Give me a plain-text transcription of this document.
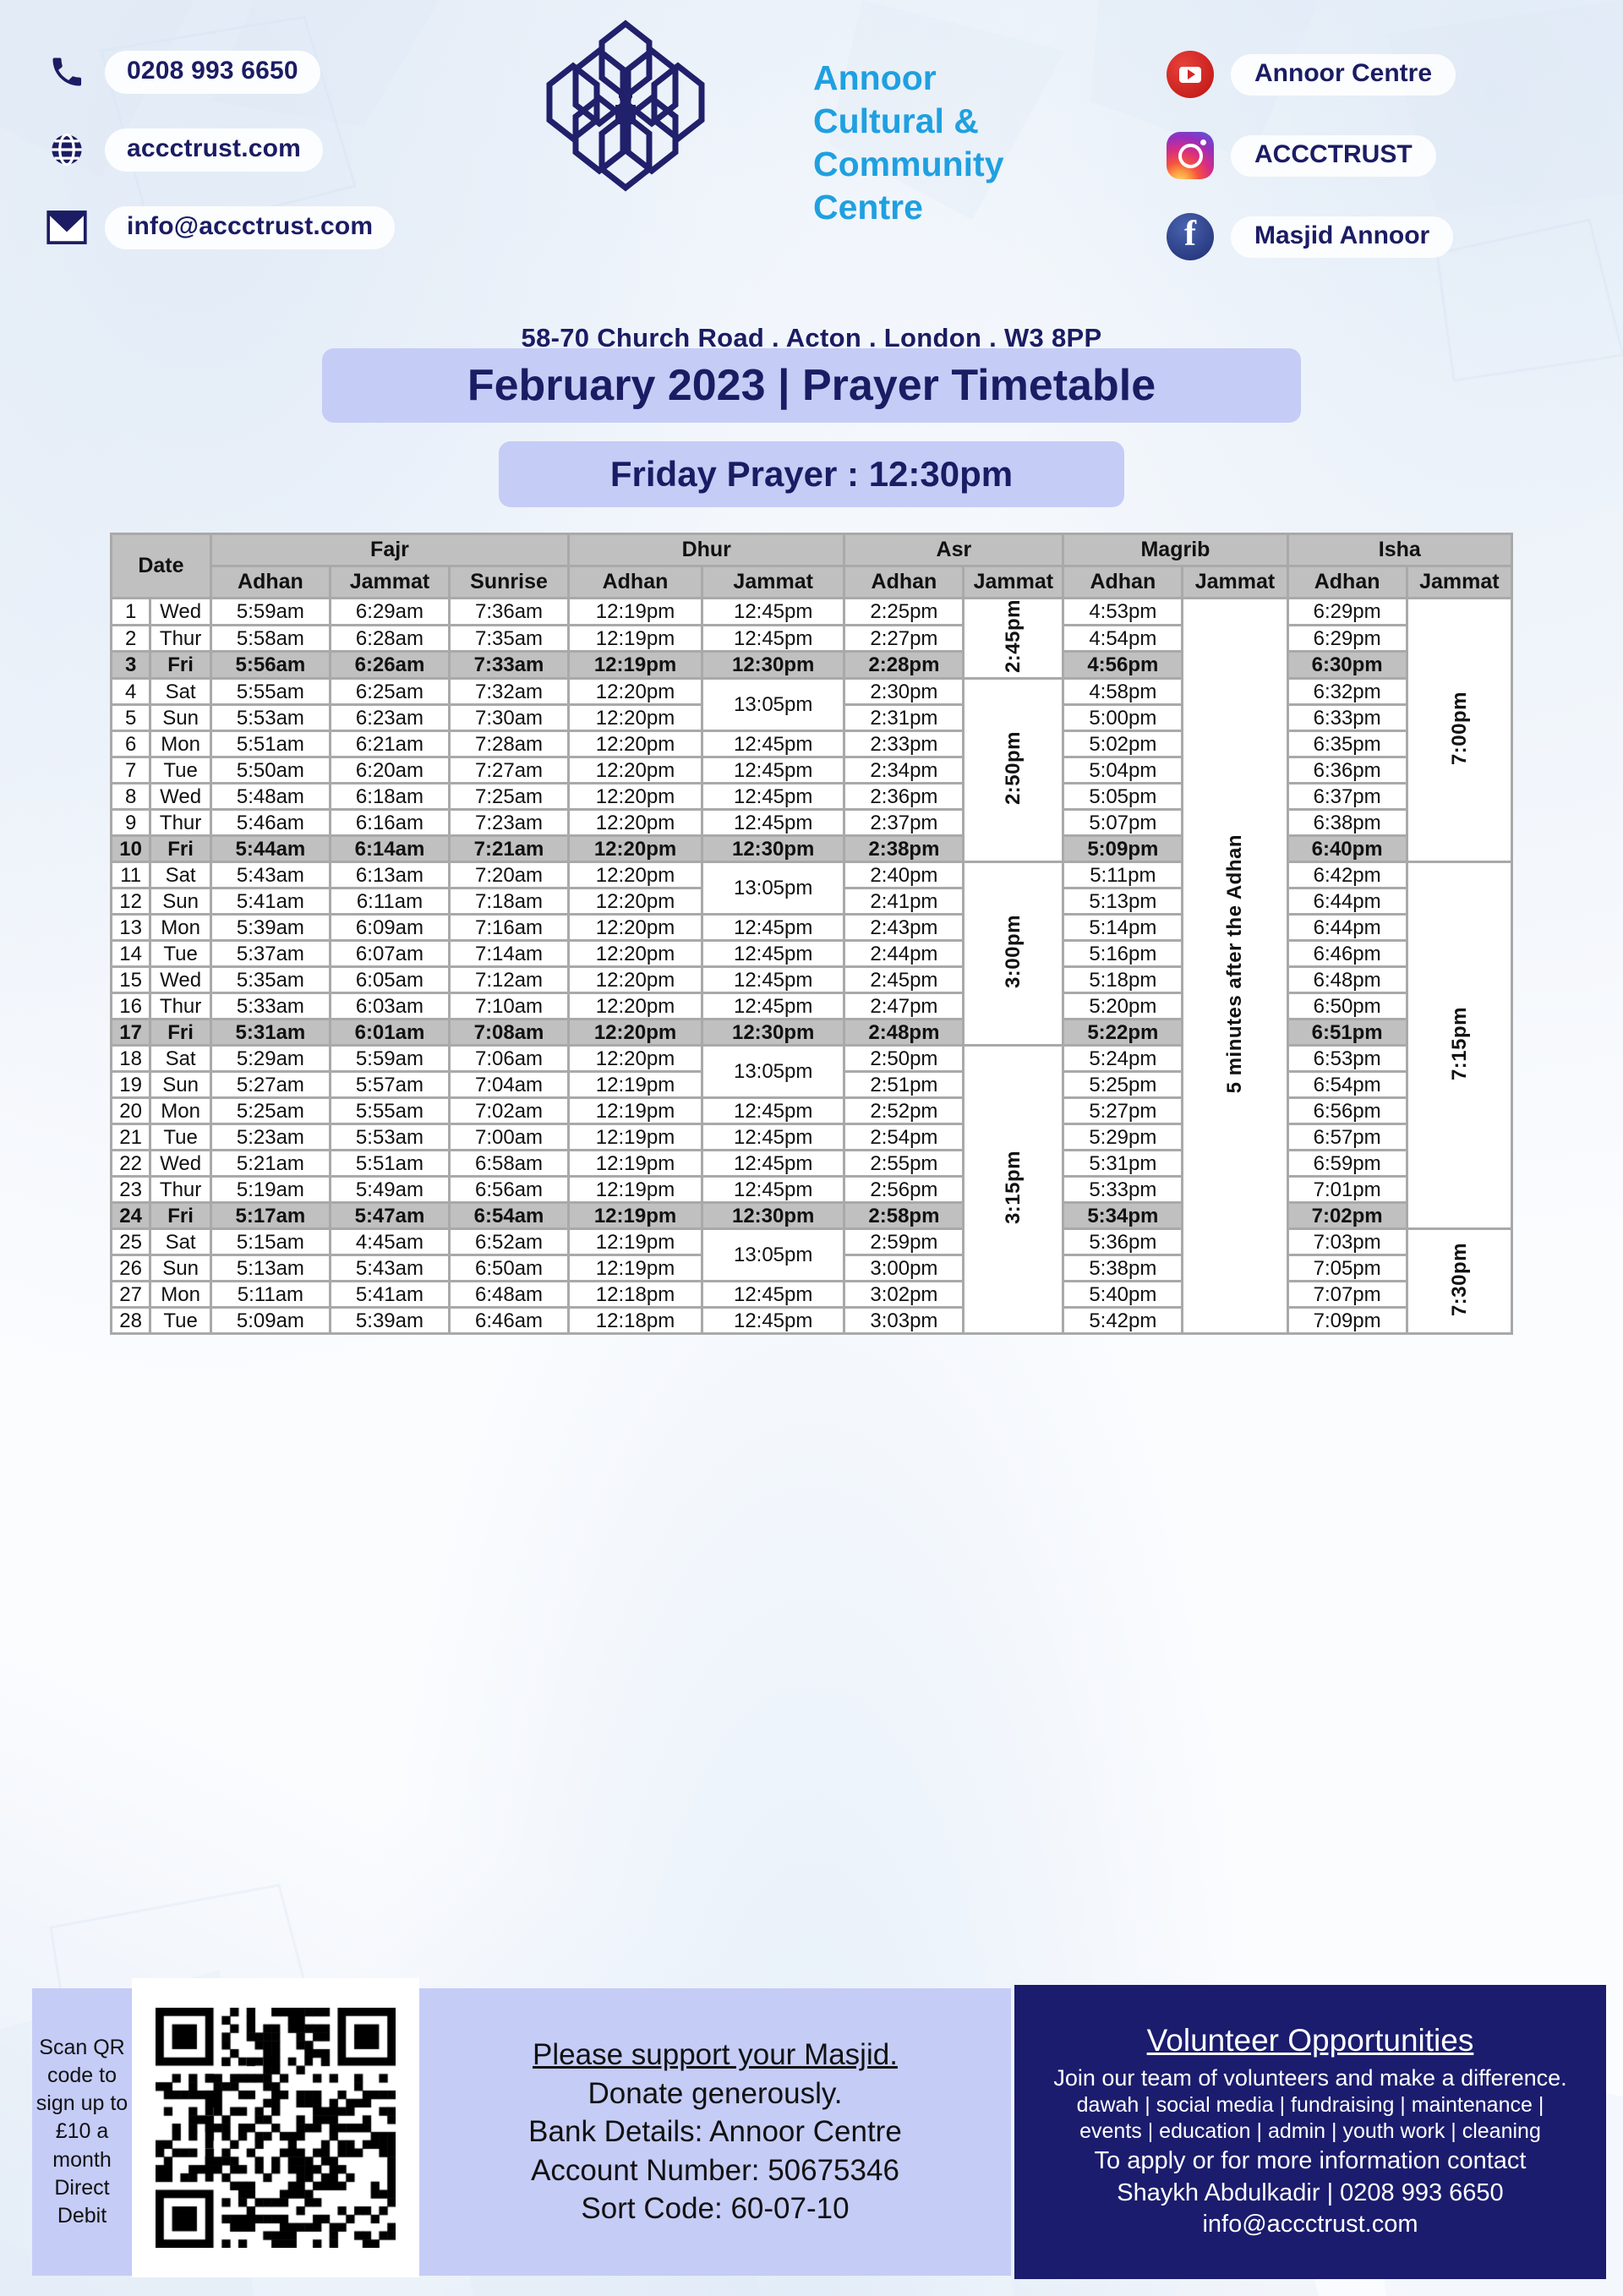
0208 993 6650
accctrust.com
info@accctrust.com
Annoor
Cultural &
Community
Centre
Annoor Centre
ACCCTRUST
f	Masjid Annoor
58-70 Church Road . Acton . London . W3 8PP
February 2023 | Prayer Timetable
Friday Prayer : 12:30pm
Date		Fajr			Dhur		Asr		Magrib		Isha	
		Adhan	Jammat	Sunrise	Adhan	Jammat	Adhan	Jammat	Adhan	Jammat	Adhan	Jammat
1	Wed	5:59am	6:29am	7:36am	12:19pm	12:45pm	2:25pm	2:45pm	4:53pm	5 minutes after the Adhan	6:29pm	7:00pm
2	Thur	5:58am	6:28am	7:35am	12:19pm	12:45pm	2:27pm		4:54pm		6:29pm	
3	Fri	5:56am	6:26am	7:33am	12:19pm	12:30pm	2:28pm		4:56pm		6:30pm	
4	Sat	5:55am	6:25am	7:32am	12:20pm	13:05pm	2:30pm	2:50pm	4:58pm		6:32pm	
5	Sun	5:53am	6:23am	7:30am	12:20pm		2:31pm		5:00pm		6:33pm	
6	Mon	5:51am	6:21am	7:28am	12:20pm	12:45pm	2:33pm		5:02pm		6:35pm	
7	Tue	5:50am	6:20am	7:27am	12:20pm	12:45pm	2:34pm		5:04pm		6:36pm	
8	Wed	5:48am	6:18am	7:25am	12:20pm	12:45pm	2:36pm		5:05pm		6:37pm	
9	Thur	5:46am	6:16am	7:23am	12:20pm	12:45pm	2:37pm		5:07pm		6:38pm	
10	Fri	5:44am	6:14am	7:21am	12:20pm	12:30pm	2:38pm		5:09pm		6:40pm	
11	Sat	5:43am	6:13am	7:20am	12:20pm	13:05pm	2:40pm	3:00pm	5:11pm		6:42pm	7:15pm
12	Sun	5:41am	6:11am	7:18am	12:20pm		2:41pm		5:13pm		6:44pm	
13	Mon	5:39am	6:09am	7:16am	12:20pm	12:45pm	2:43pm		5:14pm		6:44pm	
14	Tue	5:37am	6:07am	7:14am	12:20pm	12:45pm	2:44pm		5:16pm		6:46pm	
15	Wed	5:35am	6:05am	7:12am	12:20pm	12:45pm	2:45pm		5:18pm		6:48pm	
16	Thur	5:33am	6:03am	7:10am	12:20pm	12:45pm	2:47pm		5:20pm		6:50pm	
17	Fri	5:31am	6:01am	7:08am	12:20pm	12:30pm	2:48pm		5:22pm		6:51pm	
18	Sat	5:29am	5:59am	7:06am	12:20pm	13:05pm	2:50pm	3:15pm	5:24pm		6:53pm	
19	Sun	5:27am	5:57am	7:04am	12:19pm		2:51pm		5:25pm		6:54pm	
20	Mon	5:25am	5:55am	7:02am	12:19pm	12:45pm	2:52pm		5:27pm		6:56pm	
21	Tue	5:23am	5:53am	7:00am	12:19pm	12:45pm	2:54pm		5:29pm		6:57pm	
22	Wed	5:21am	5:51am	6:58am	12:19pm	12:45pm	2:55pm		5:31pm		6:59pm	
23	Thur	5:19am	5:49am	6:56am	12:19pm	12:45pm	2:56pm		5:33pm		7:01pm	
24	Fri	5:17am	5:47am	6:54am	12:19pm	12:30pm	2:58pm		5:34pm		7:02pm	
25	Sat	5:15am	4:45am	6:52am	12:19pm	13:05pm	2:59pm		5:36pm		7:03pm	7:30pm
26	Sun	5:13am	5:43am	6:50am	12:19pm		3:00pm		5:38pm		7:05pm	
27	Mon	5:11am	5:41am	6:48am	12:18pm	12:45pm	3:02pm		5:40pm		7:07pm	
28	Tue	5:09am	5:39am	6:46am	12:18pm	12:45pm	3:03pm		5:42pm		7:09pm	
Scan QR code to sign up to £10 a month Direct Debit
Please support your Masjid.
Donate generously.
Bank Details: Annoor Centre
Account Number: 50675346
Sort Code: 60-07-10
Volunteer Opportunities
Join our team of volunteers and make a difference.
dawah | social media | fundraising | maintenance |
events | education | admin | youth work | cleaning
To apply or for more information contact
Shaykh Abdulkadir | 0208 993 6650
info@accctrust.com
